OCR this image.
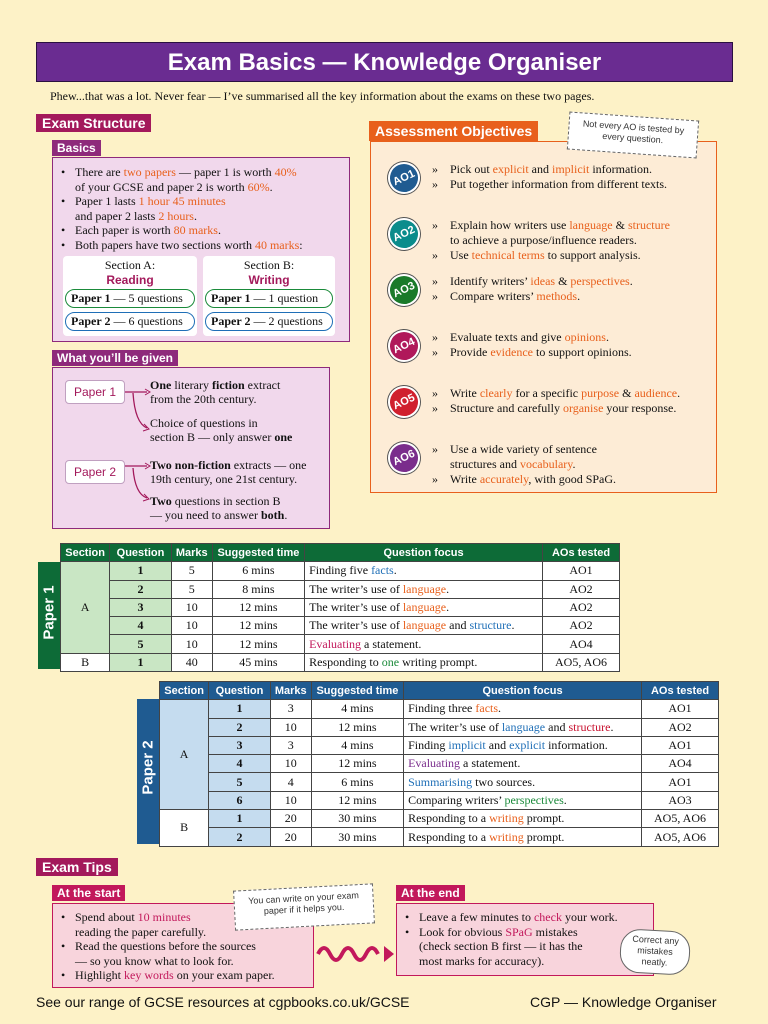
Exam Basics — Knowledge Organiser
Phew...that was a lot. Never fear — I’ve summarised all the key information about the exams on these two pages.
Exam Structure
Basics
• There are two papers — paper 1 is worth 40%
of your GCSE and paper 2 is worth 60%.
• Paper 1 lasts 1 hour 45 minutes
and paper 2 lasts 2 hours.
• Each paper is worth 80 marks.
• Both papers have two sections worth 40 marks:
Section A:
Reading
Paper 1 — 5 questions
Paper 2 — 6 questions
Section B:
Writing
Paper 1 — 1 question
Paper 2 — 2 questions
What you’ll be given
Paper 1	One literary fiction extract
from the 20th century.
Choice of questions in
section B — only answer one
Paper 2	Two non-fiction extracts — one
19th century, one 21st century.
Two questions in section B
— you need to answer both.
Assessment Objectives	Not every AO is tested by every question.
AO1	» Pick out explicit and implicit information.
» Put together information from different texts.
AO2	» Explain how writers use language & structure
to achieve a purpose/influence readers.
» Use technical terms to support analysis.
AO3	» Identify writers’ ideas & perspectives.
» Compare writers’ methods.
AO4	» Evaluate texts and give opinions.
» Provide evidence to support opinions.
AO5	» Write clearly for a specific purpose & audience.
» Structure and carefully organise your response.
AO6	» Use a wide variety of sentence
structures and vocabulary.
» Write accurately, with good SPaG.
Paper 1
Section	Question	Marks	Suggested time	Question focus	AOs tested
A	1	5	6 mins	Finding five facts.	AO1
	2	5	8 mins	The writer’s use of language.	AO2
	3	10	12 mins	The writer’s use of language.	AO2
	4	10	12 mins	The writer’s use of language and structure.	AO2
	5	10	12 mins	Evaluating a statement.	AO4
B	1	40	45 mins	Responding to one writing prompt.	AO5, AO6
Paper 2
Section	Question	Marks	Suggested time	Question focus	AOs tested
A	1	3	4 mins	Finding three facts.	AO1
	2	10	12 mins	The writer’s use of language and structure.	AO2
	3	3	4 mins	Finding implicit and explicit information.	AO1
	4	10	12 mins	Evaluating a statement.	AO4
	5	4	6 mins	Summarising two sources.	AO1
	6	10	12 mins	Comparing writers’ perspectives.	AO3
B	1	20	30 mins	Responding to a writing prompt.	AO5, AO6
	2	20	30 mins	Responding to a writing prompt.	AO5, AO6
Exam Tips
At the start
• Spend about 10 minutes
reading the paper carefully.
• Read the questions before the sources
— so you know what to look for.
• Highlight key words on your exam paper.
You can write on your exam paper if it helps you.
At the end
• Leave a few minutes to check your work.
• Look for obvious SPaG mistakes
(check section B first — it has the
most marks for accuracy).
Correct any mistakes neatly.
See our range of GCSE resources at cgpbooks.co.uk/GCSE	CGP — Knowledge Organiser
